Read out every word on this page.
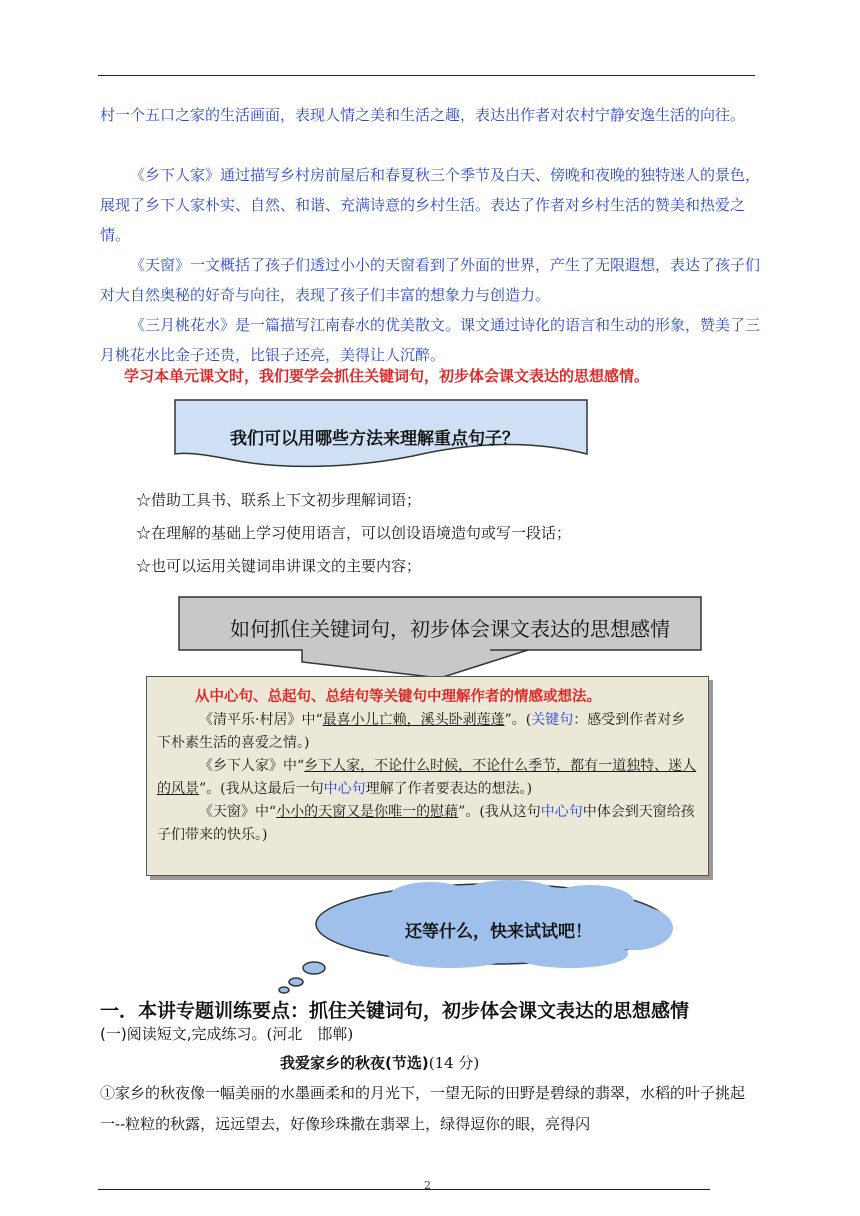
村一个五口之家的生活画面，表现人情之美和生活之趣，表达出作者对农村宁静安逸生活的向往。
《乡下人家》通过描写乡村房前屋后和春夏秋三个季节及白天、傍晚和夜晚的独特迷人的景色，展现了乡下人家朴实、自然、和谐、充满诗意的乡村生活。表达了作者对乡村生活的赞美和热爱之情。
《天窗》一文概括了孩子们透过小小的天窗看到了外面的世界，产生了无限遐想，表达了孩子们对大自然奥秘的好奇与向往，表现了孩子们丰富的想象力与创造力。
《三月桃花水》是一篇描写江南春水的优美散文。课文通过诗化的语言和生动的形象，赞美了三月桃花水比金子还贵，比银子还亮，美得让人沉醉。
学习本单元课文时，我们要学会抓住关键词句，初步体会课文表达的思想感情。
我们可以用哪些方法来理解重点句子？
☆借助工具书、联系上下文初步理解词语；
☆在理解的基础上学习使用语言，可以创设语境造句或写一段话；
☆也可以运用关键词串讲课文的主要内容；
如何抓住关键词句，初步体会课文表达的思想感情
从中心句、总起句、总结句等关键句中理解作者的情感或想法。
《清平乐·村居》中“最喜小儿亡赖，溪头卧剥莲蓬”。(关键句：感受到作者对乡下朴素生活的喜爱之情。)
《乡下人家》中“乡下人家，不论什么时候，不论什么季节，都有一道独特、迷人的风景”。(我从这最后一句中心句理解了作者要表达的想法。)
《天窗》中“小小的天窗又是你唯一的慰藉”。(我从这句中心句中体会到天窗给孩子们带来的快乐。)
还等什么，快来试试吧！
一．本讲专题训练要点：抓住关键词句，初步体会课文表达的思想感情
(一)阅读短文,完成练习。(河北　邯郸)
我爱家乡的秋夜(节选)(14 分)
①家乡的秋夜像一幅美丽的水墨画柔和的月光下，一望无际的田野是碧绿的翡翠，水稻的叶子挑起一--粒粒的秋露，远远望去，好像珍珠撒在翡翠上，绿得逗你的眼，亮得闪
2
